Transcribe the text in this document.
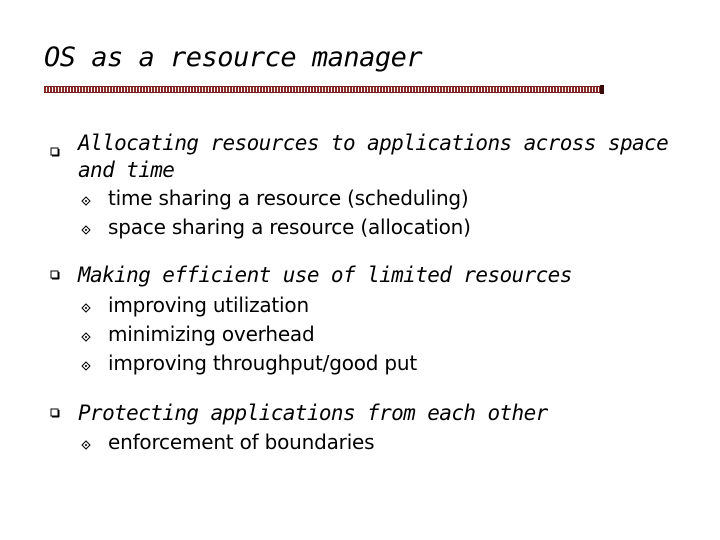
OS as a resource manager
Allocating resources to applications across space and time
time sharing a resource (scheduling)
space sharing a resource (allocation)
Making efficient use of limited resources
improving utilization
minimizing overhead
improving throughput/good put
Protecting applications from each other
enforcement of boundaries
